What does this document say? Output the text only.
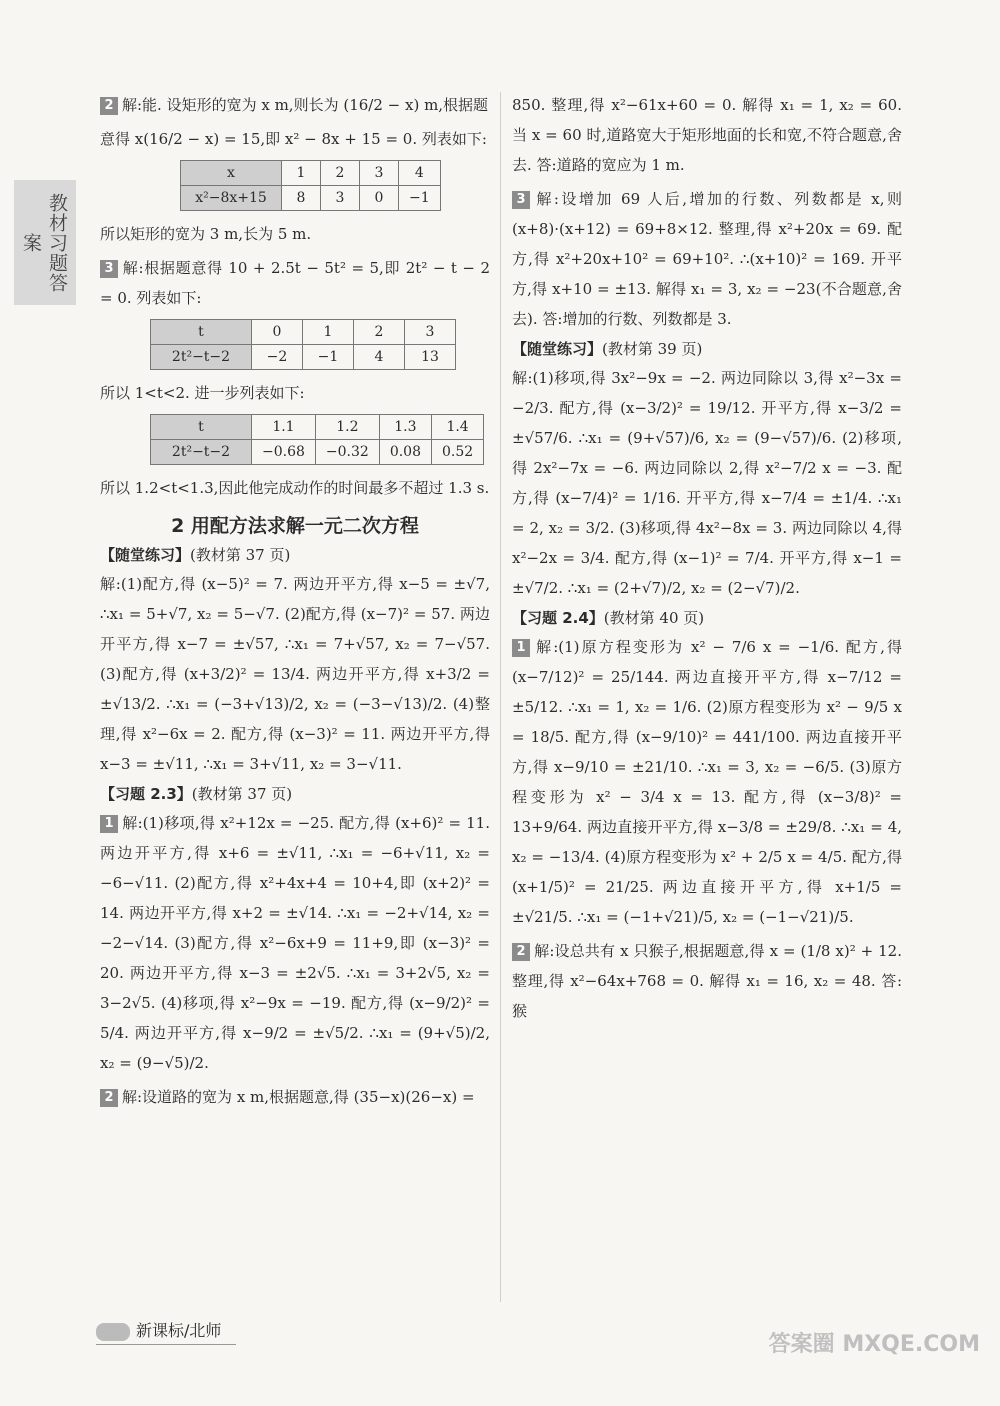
教材习题答案

2 解:能. 设矩形的宽为 x m,则长为 (16/2 − x) m,根据题

意得 x(16/2 − x) = 15,即 x² − 8x + 15 = 0. 列表如下:

x	1	2	3	4
x²−8x+15	8	3	0	−1

所以矩形的宽为 3 m,长为 5 m.

3 解:根据题意得 10 + 2.5t − 5t² = 5,即 2t² − t − 2 = 0. 列表如下:

t	0	1	2	3
2t²−t−2	−2	−1	4	13

所以 1<t<2. 进一步列表如下:

t	1.1	1.2	1.3	1.4
2t²−t−2	−0.68	−0.32	0.08	0.52

所以 1.2<t<1.3,因此他完成动作的时间最多不超过 1.3 s.

2 用配方法求解一元二次方程
【随堂练习】(教材第 37 页)

解:(1)配方,得 (x−5)² = 7. 两边开平方,得 x−5 = ±√7, ∴x₁ = 5+√7, x₂ = 5−√7. (2)配方,得 (x−7)² = 57. 两边开平方,得 x−7 = ±√57, ∴x₁ = 7+√57, x₂ = 7−√57. (3)配方,得 (x+3/2)² = 13/4. 两边开平方,得 x+3/2 = ±√13/2. ∴x₁ = (−3+√13)/2, x₂ = (−3−√13)/2. (4)整理,得 x²−6x = 2. 配方,得 (x−3)² = 11. 两边开平方,得 x−3 = ±√11, ∴x₁ = 3+√11, x₂ = 3−√11.

【习题 2.3】(教材第 37 页)

1 解:(1)移项,得 x²+12x = −25. 配方,得 (x+6)² = 11. 两边开平方,得 x+6 = ±√11, ∴x₁ = −6+√11, x₂ = −6−√11. (2)配方,得 x²+4x+4 = 10+4,即 (x+2)² = 14. 两边开平方,得 x+2 = ±√14. ∴x₁ = −2+√14, x₂ = −2−√14. (3)配方,得 x²−6x+9 = 11+9,即 (x−3)² = 20. 两边开平方,得 x−3 = ±2√5. ∴x₁ = 3+2√5, x₂ = 3−2√5. (4)移项,得 x²−9x = −19. 配方,得 (x−9/2)² = 5/4. 两边开平方,得 x−9/2 = ±√5/2. ∴x₁ = (9+√5)/2, x₂ = (9−√5)/2.

2 解:设道路的宽为 x m,根据题意,得 (35−x)(26−x) =

850. 整理,得 x²−61x+60 = 0. 解得 x₁ = 1, x₂ = 60. 当 x = 60 时,道路宽大于矩形地面的长和宽,不符合题意,舍去. 答:道路的宽应为 1 m.

3 解:设增加 69 人后,增加的行数、列数都是 x,则 (x+8)·(x+12) = 69+8×12. 整理,得 x²+20x = 69. 配方,得 x²+20x+10² = 69+10². ∴(x+10)² = 169. 开平方,得 x+10 = ±13. 解得 x₁ = 3, x₂ = −23(不合题意,舍去). 答:增加的行数、列数都是 3.

【随堂练习】(教材第 39 页)

解:(1)移项,得 3x²−9x = −2. 两边同除以 3,得 x²−3x = −2/3. 配方,得 (x−3/2)² = 19/12. 开平方,得 x−3/2 = ±√57/6. ∴x₁ = (9+√57)/6, x₂ = (9−√57)/6. (2)移项,得 2x²−7x = −6. 两边同除以 2,得 x²−7/2 x = −3. 配方,得 (x−7/4)² = 1/16. 开平方,得 x−7/4 = ±1/4. ∴x₁ = 2, x₂ = 3/2. (3)移项,得 4x²−8x = 3. 两边同除以 4,得 x²−2x = 3/4. 配方,得 (x−1)² = 7/4. 开平方,得 x−1 = ±√7/2. ∴x₁ = (2+√7)/2, x₂ = (2−√7)/2.

【习题 2.4】(教材第 40 页)

1 解:(1)原方程变形为 x² − 7/6 x = −1/6. 配方,得 (x−7/12)² = 25/144. 两边直接开平方,得 x−7/12 = ±5/12. ∴x₁ = 1, x₂ = 1/6. (2)原方程变形为 x² − 9/5 x = 18/5. 配方,得 (x−9/10)² = 441/100. 两边直接开平方,得 x−9/10 = ±21/10. ∴x₁ = 3, x₂ = −6/5. (3)原方程变形为 x² − 3/4 x = 13. 配方,得 (x−3/8)² = 13+9/64. 两边直接开平方,得 x−3/8 = ±29/8. ∴x₁ = 4, x₂ = −13/4. (4)原方程变形为 x² + 2/5 x = 4/5. 配方,得 (x+1/5)² = 21/25. 两边直接开平方,得 x+1/5 = ±√21/5. ∴x₁ = (−1+√21)/5, x₂ = (−1−√21)/5.

2 解:设总共有 x 只猴子,根据题意,得 x = (1/8 x)² + 12. 整理,得 x²−64x+768 = 0. 解得 x₁ = 16, x₂ = 48. 答:猴

新课标/北师
答案圈 MXQE.COM
